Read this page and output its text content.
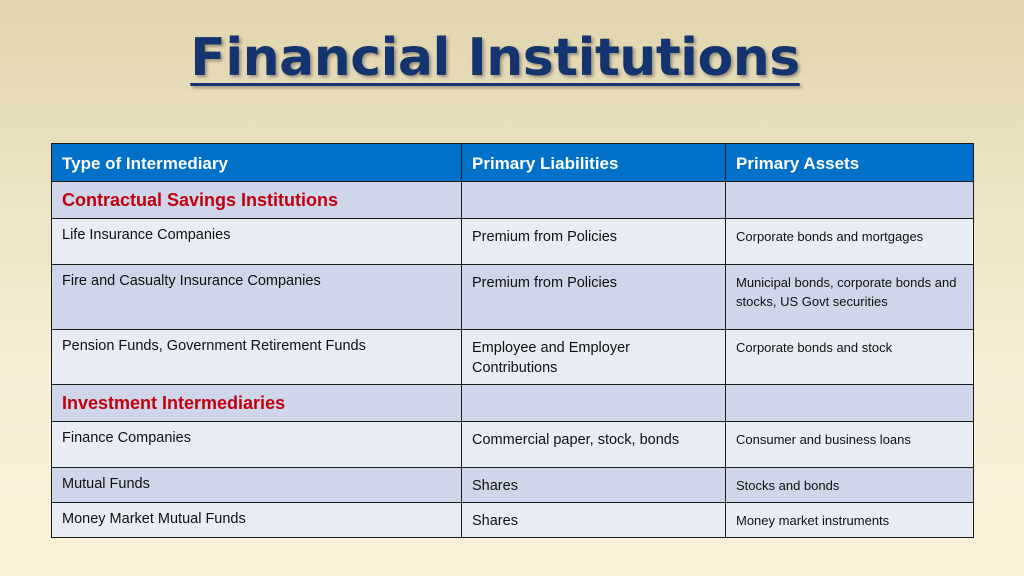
Financial Institutions
Type of Intermediary	Primary Liabilities	Primary Assets
Contractual Savings Institutions		
Life Insurance Companies	Premium from Policies	Corporate bonds and mortgages
Fire and Casualty Insurance Companies	Premium from Policies	Municipal bonds, corporate bonds and stocks, US Govt securities
Pension Funds, Government Retirement Funds	Employee and Employer Contributions	Corporate bonds and stock
Investment Intermediaries		
Finance Companies	Commercial paper, stock, bonds	Consumer and business loans
Mutual Funds	Shares	Stocks and bonds
Money Market Mutual Funds	Shares	Money market instruments
